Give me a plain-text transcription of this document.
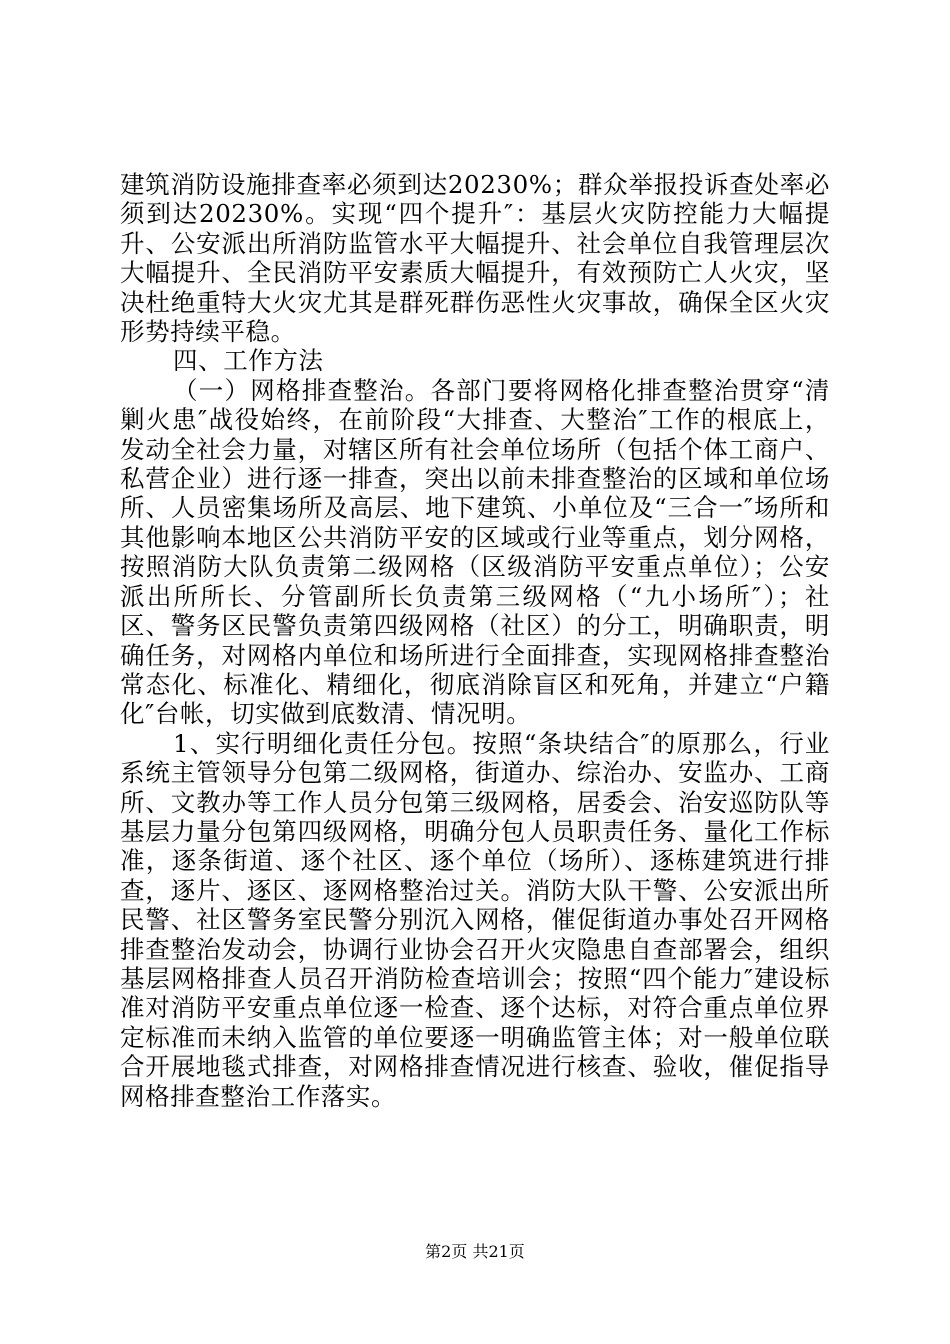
建筑消防设施排查率必须到达20230%；群众举报投诉查处率必须到达20230%。实现“四个提升″：基层火灾防控能力大幅提升、公安派出所消防监管水平大幅提升、社会单位自我管理层次大幅提升、全民消防平安素质大幅提升，有效预防亡人火灾，坚决杜绝重特大火灾尤其是群死群伤恶性火灾事故，确保全区火灾形势持续平稳。

四、工作方法

（一）网格排查整治。各部门要将网格化排查整治贯穿“清剿火患″战役始终，在前阶段“大排查、大整治″工作的根底上，发动全社会力量，对辖区所有社会单位场所（包括个体工商户、私营企业）进行逐一排查，突出以前未排查整治的区域和单位场所、人员密集场所及高层、地下建筑、小单位及“三合一″场所和其他影响本地区公共消防平安的区域或行业等重点，划分网格，按照消防大队负责第二级网格（区级消防平安重点单位）；公安派出所所长、分管副所长负责第三级网格（“九小场所″）；社区、警务区民警负责第四级网格（社区）的分工，明确职责，明确任务，对网格内单位和场所进行全面排查，实现网格排查整治常态化、标准化、精细化，彻底消除盲区和死角，并建立“户籍化″台帐，切实做到底数清、情况明。

1、实行明细化责任分包。按照“条块结合″的原那么，行业系统主管领导分包第二级网格，街道办、综治办、安监办、工商所、文教办等工作人员分包第三级网格，居委会、治安巡防队等基层力量分包第四级网格，明确分包人员职责任务、量化工作标准，逐条街道、逐个社区、逐个单位（场所）、逐栋建筑进行排查，逐片、逐区、逐网格整治过关。消防大队干警、公安派出所民警、社区警务室民警分别沉入网格，催促街道办事处召开网格排查整治发动会，协调行业协会召开火灾隐患自查部署会，组织基层网格排查人员召开消防检查培训会；按照“四个能力″建设标准对消防平安重点单位逐一检查、逐个达标，对符合重点单位界定标准而未纳入监管的单位要逐一明确监管主体；对一般单位联合开展地毯式排查，对网格排查情况进行核查、验收，催促指导网格排查整治工作落实。

第2页 共21页
